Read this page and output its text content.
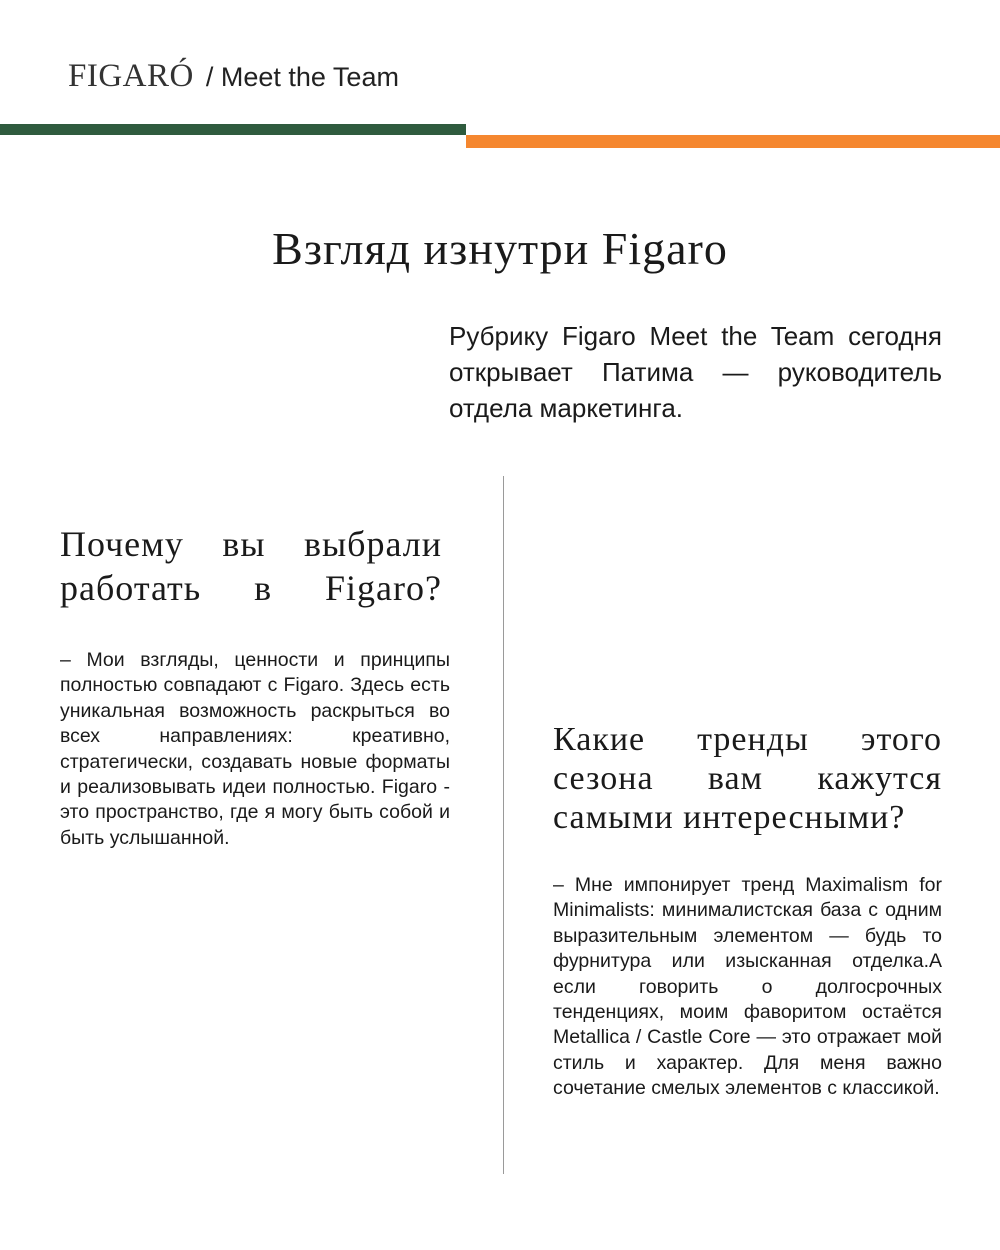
FIGARÓ / Meet the Team
Взгляд изнутри Figaro

Рубрику Figaro Meet the Team сегодня открывает Патима — руководитель отдела маркетинга.

Почему вы выбрали работать в Figaro?

– Мои взгляды, ценности и принципы полностью совпадают с Figaro. Здесь есть уникальная возможность раскрыться во всех направлениях: креативно, стратегически, создавать новые форматы и реализовывать идеи полностью. Figaro - это пространство, где я могу быть собой и быть услышанной.

Какие тренды этого сезона вам кажутся самыми интересными?

– Мне импонирует тренд Maximalism for Minimalists: минималистская база с одним выразительным элементом — будь то фурнитура или изысканная отделка.А если говорить о долгосрочных тенденциях, моим фаворитом остаётся Metallica / Castle Core — это отражает мой стиль и характер. Для меня важно сочетание смелых элементов с классикой.
